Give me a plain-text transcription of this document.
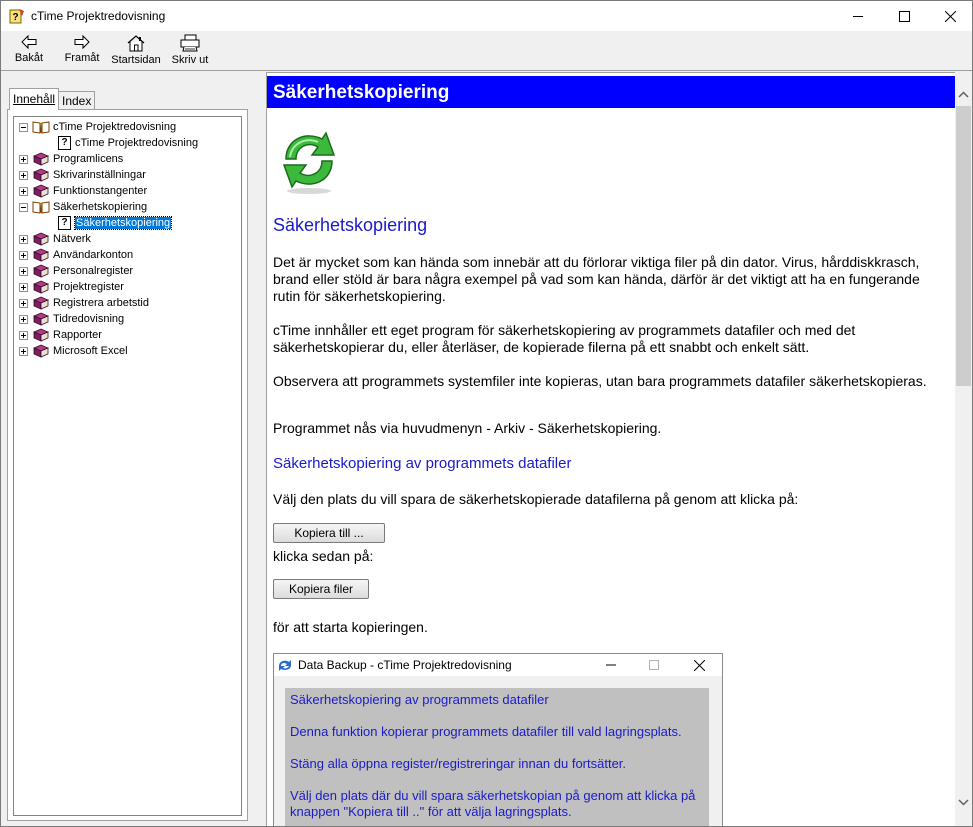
? cTime Projektredovisning
Bakåt	Framåt Startsidan Skriv ut
Innehåll Index
cTime Projektredovisning
? cTime Projektredovisning
Programlicens
Skrivarinställningar
Funktionstangenter
Säkerhetskopiering
? Säkerhetskopiering
Nätverk
Användarkonton
Personalregister
Projektregister
Registrera arbetstid
Tidredovisning
Rapporter
Microsoft Excel
Säkerhetskopiering
Säkerhetskopiering
Det är mycket som kan hända som innebär att du förlorar viktiga filer på din dator. Virus, hårddiskkrasch, brand eller stöld är bara några exempel på vad som kan hända, därför är det viktigt att ha en fungerande rutin för säkerhetskopiering.
cTime innhåller ett eget program för säkerhetskopiering av programmets datafiler och med det säkerhetskopierar du, eller återläser, de kopierade filerna på ett snabbt och enkelt sätt.
Observera att programmets systemfiler inte kopieras, utan bara programmets datafiler säkerhetskopieras.
Programmet nås via huvudmenyn - Arkiv - Säkerhetskopiering.
Säkerhetskopiering av programmets datafiler
Välj den plats du vill spara de säkerhetskopierade datafilerna på genom att klicka på:
Kopiera till ...
klicka sedan på:
Kopiera filer
för att starta kopieringen.
Data Backup - cTime Projektredovisning
Säkerhetskopiering av programmets datafiler
Denna funktion kopierar programmets datafiler till vald lagringsplats.
Stäng alla öppna register/registreringar innan du fortsätter.
Välj den plats där du vill spara säkerhetskopian på genom att klicka på knappen "Kopiera till .." för att välja lagringsplats.
